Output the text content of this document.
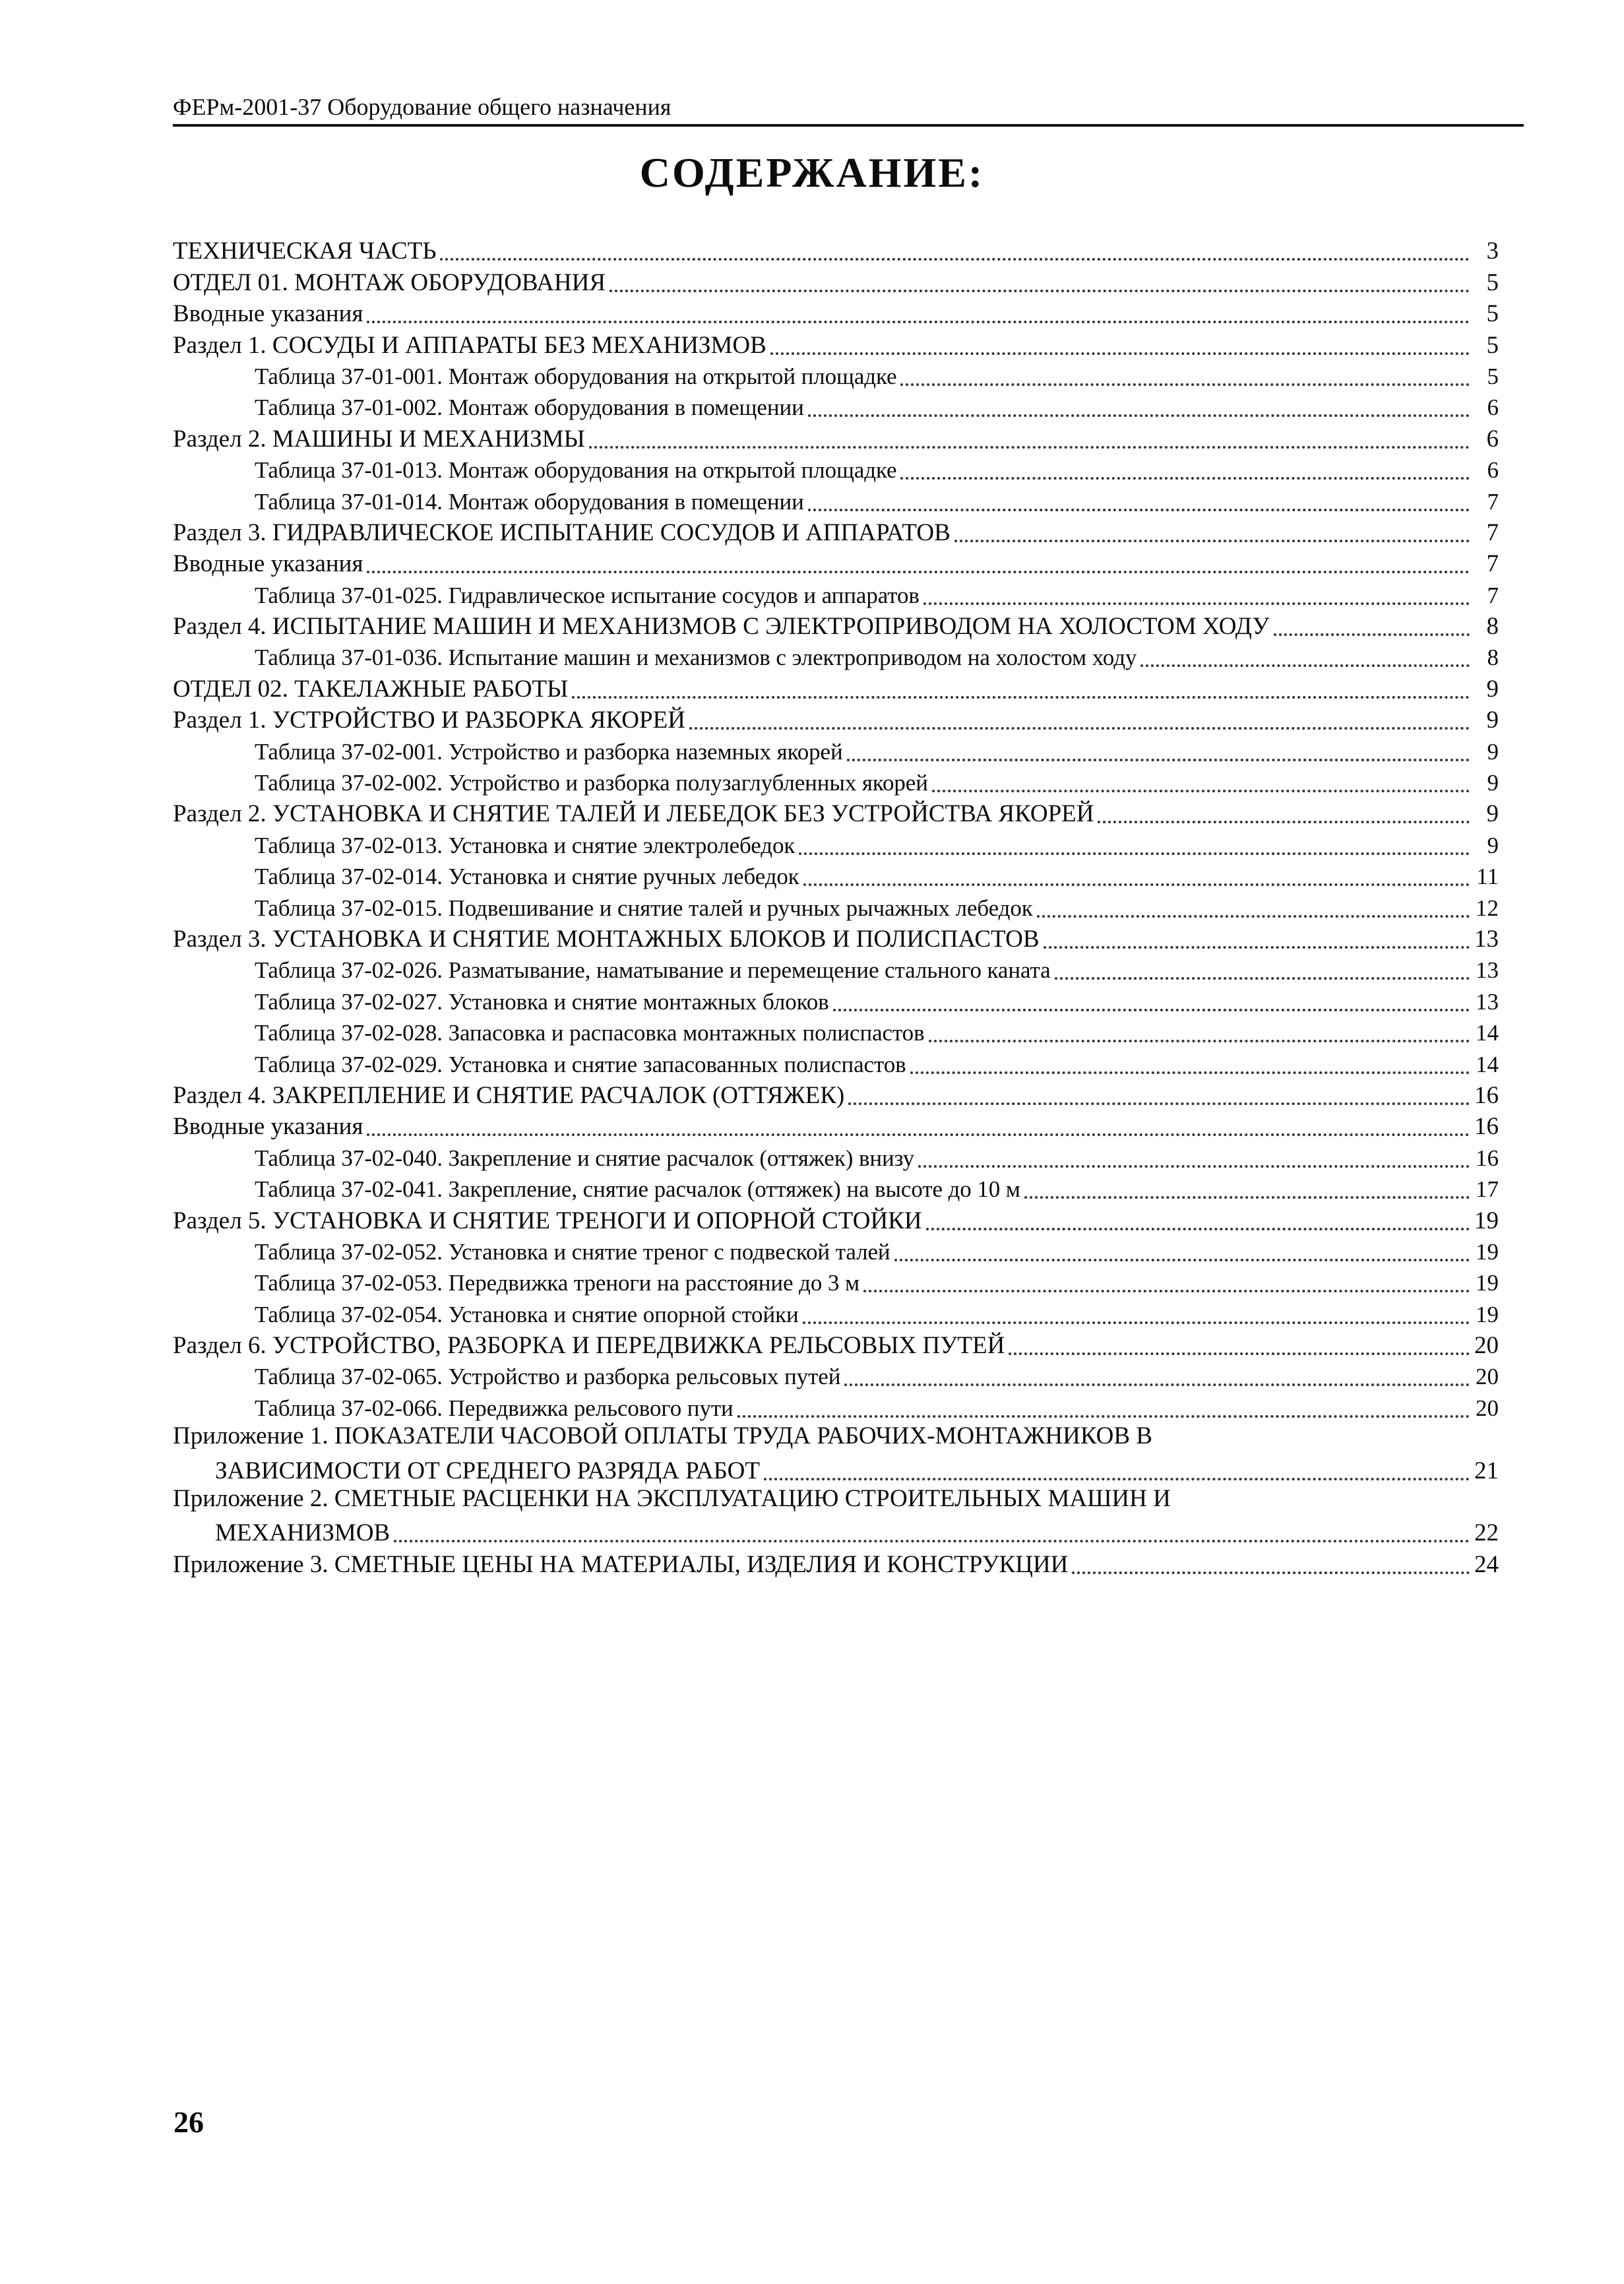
ФЕРм-2001-37 Оборудование общего назначения
СОДЕРЖАНИЕ:
ТЕХНИЧЕСКАЯ ЧАСТЬ	3
ОТДЕЛ 01. МОНТАЖ ОБОРУДОВАНИЯ	5
Вводные указания	5
Раздел 1. СОСУДЫ И АППАРАТЫ БЕЗ МЕХАНИЗМОВ	5
Таблица 37-01-001. Монтаж оборудования на открытой площадке	5
Таблица 37-01-002. Монтаж оборудования в помещении	6
Раздел 2. МАШИНЫ И МЕХАНИЗМЫ	6
Таблица 37-01-013. Монтаж оборудования на открытой площадке	6
Таблица 37-01-014. Монтаж оборудования в помещении	7
Раздел 3. ГИДРАВЛИЧЕСКОЕ ИСПЫТАНИЕ СОСУДОВ И АППАРАТОВ	7
Вводные указания	7
Таблица 37-01-025. Гидравлическое испытание сосудов и аппаратов	7
Раздел 4. ИСПЫТАНИЕ МАШИН И МЕХАНИЗМОВ С ЭЛЕКТРОПРИВОДОМ НА ХОЛОСТОМ ХОДУ	8
Таблица 37-01-036. Испытание машин и механизмов с электроприводом на холостом ходу	8
ОТДЕЛ 02. ТАКЕЛАЖНЫЕ РАБОТЫ	9
Раздел 1. УСТРОЙСТВО И РАЗБОРКА ЯКОРЕЙ	9
Таблица 37-02-001. Устройство и разборка наземных якорей	9
Таблица 37-02-002. Устройство и разборка полузаглубленных якорей	9
Раздел 2. УСТАНОВКА И СНЯТИЕ ТАЛЕЙ И ЛЕБЕДОК БЕЗ УСТРОЙСТВА ЯКОРЕЙ	9
Таблица 37-02-013. Установка и снятие электролебедок	9
Таблица 37-02-014. Установка и снятие ручных лебедок	11
Таблица 37-02-015. Подвешивание и снятие талей и ручных рычажных лебедок	12
Раздел 3. УСТАНОВКА И СНЯТИЕ МОНТАЖНЫХ БЛОКОВ И ПОЛИСПАСТОВ	13
Таблица 37-02-026. Разматывание, наматывание и перемещение стального каната	13
Таблица 37-02-027. Установка и снятие монтажных блоков	13
Таблица 37-02-028. Запасовка и распасовка монтажных полиспастов	14
Таблица 37-02-029. Установка и снятие запасованных полиспастов	14
Раздел 4. ЗАКРЕПЛЕНИЕ И СНЯТИЕ РАСЧАЛОК (ОТТЯЖЕК)	16
Вводные указания	16
Таблица 37-02-040. Закрепление и снятие расчалок (оттяжек) внизу	16
Таблица 37-02-041. Закрепление, снятие расчалок (оттяжек) на высоте до 10 м	17
Раздел 5. УСТАНОВКА И СНЯТИЕ ТРЕНОГИ И ОПОРНОЙ СТОЙКИ	19
Таблица 37-02-052. Установка и снятие треног с подвеской талей	19
Таблица 37-02-053. Передвижка треноги на расстояние до 3 м	19
Таблица 37-02-054. Установка и снятие опорной стойки	19
Раздел 6. УСТРОЙСТВО, РАЗБОРКА И ПЕРЕДВИЖКА РЕЛЬСОВЫХ ПУТЕЙ	20
Таблица 37-02-065. Устройство и разборка рельсовых путей	20
Таблица 37-02-066. Передвижка рельсового пути	20
Приложение 1. ПОКАЗАТЕЛИ ЧАСОВОЙ ОПЛАТЫ ТРУДА РАБОЧИХ-МОНТАЖНИКОВ В
ЗАВИСИМОСТИ ОТ СРЕДНЕГО РАЗРЯДА РАБОТ	21
Приложение 2. СМЕТНЫЕ РАСЦЕНКИ НА ЭКСПЛУАТАЦИЮ СТРОИТЕЛЬНЫХ МАШИН И
МЕХАНИЗМОВ	22
Приложение 3. СМЕТНЫЕ ЦЕНЫ НА МАТЕРИАЛЫ, ИЗДЕЛИЯ И КОНСТРУКЦИИ	24
26
